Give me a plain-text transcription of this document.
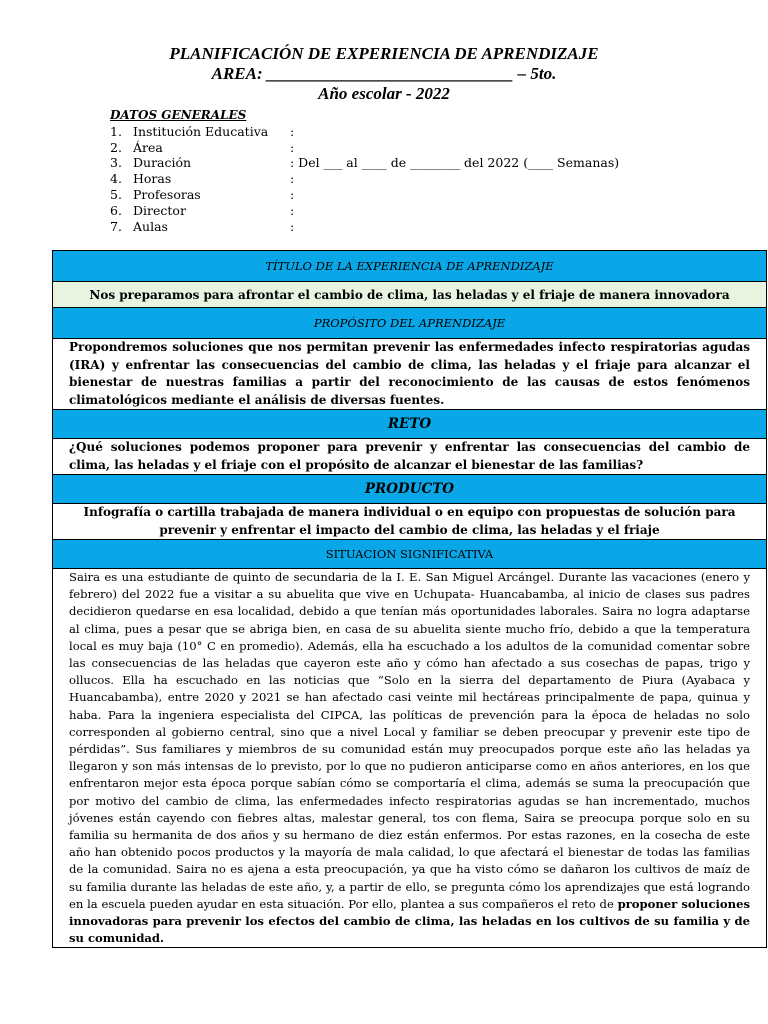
PLANIFICACIÓN DE EXPERIENCIA DE APRENDIZAJE
AREA: _____________________________ – 5to.
Año escolar - 2022
DATOS GENERALES
1. Institución Educativa	:
2. Área	:
3. Duración	: Del ___ al ____ de ________ del 2022 (____ Semanas)
4. Horas	:
5. Profesoras	:
6. Director	:
7. Aulas	:
TÍTULO DE LA EXPERIENCIA DE APRENDIZAJE
Nos preparamos para afrontar el cambio de clima, las heladas y el friaje de manera innovadora
PROPÓSITO DEL APRENDIZAJE
Propondremos soluciones que nos permitan prevenir las enfermedades infecto respiratorias agudas (IRA) y enfrentar las consecuencias del cambio de clima, las heladas y el friaje para alcanzar el bienestar de nuestras familias a partir del reconocimiento de las causas de estos fenómenos climatológicos mediante el análisis de diversas fuentes.
RETO
¿Qué soluciones podemos proponer para prevenir y enfrentar las consecuencias del cambio de clima, las heladas y el friaje con el propósito de alcanzar el bienestar de las familias?
PRODUCTO
Infografía o cartilla trabajada de manera individual o en equipo con propuestas de solución para prevenir y enfrentar el impacto del cambio de clima, las heladas y el friaje
SITUACION SIGNIFICATIVA
Saira es una estudiante de quinto de secundaria de la I. E. San Miguel Arcángel. Durante las vacaciones (enero y febrero) del 2022 fue a visitar a su abuelita que vive en Uchupata- Huancabamba, al inicio de clases sus padres decidieron quedarse en esa localidad, debido a que tenían más oportunidades laborales. Saira no logra adaptarse al clima, pues a pesar que se abriga bien, en casa de su abuelita siente mucho frío, debido a que la temperatura local es muy baja (10° C en promedio). Además, ella ha escuchado a los adultos de la comunidad comentar sobre las consecuencias de las heladas que cayeron este año y cómo han afectado a sus cosechas de papas, trigo y ollucos. Ella ha escuchado en las noticias que “Solo en la sierra del departamento de Piura (Ayabaca y Huancabamba), entre 2020 y 2021 se han afectado casi veinte mil hectáreas principalmente de papa, quinua y haba. Para la ingeniera especialista del CIPCA, las políticas de prevención para la época de heladas no solo corresponden al gobierno central, sino que a nivel Local y familiar se deben preocupar y prevenir este tipo de pérdidas”. Sus familiares y miembros de su comunidad están muy preocupados porque este año las heladas ya llegaron y son más intensas de lo previsto, por lo que no pudieron anticiparse como en años anteriores, en los que enfrentaron mejor esta época porque sabían cómo se comportaría el clima, además se suma la preocupación que por motivo del cambio de clima, las enfermedades infecto respiratorias agudas se han incrementado, muchos jóvenes están cayendo con fiebres altas, malestar general, tos con flema, Saira se preocupa porque solo en su familia su hermanita de dos años y su hermano de diez están enfermos. Por estas razones, en la cosecha de este año han obtenido pocos productos y la mayoría de mala calidad, lo que afectará el bienestar de todas las familias de la comunidad. Saira no es ajena a esta preocupación, ya que ha visto cómo se dañaron los cultivos de maíz de su familia durante las heladas de este año, y, a partir de ello, se pregunta cómo los aprendizajes que está logrando en la escuela pueden ayudar en esta situación. Por ello, plantea a sus compañeros el reto de proponer soluciones innovadoras para prevenir los efectos del cambio de clima, las heladas en los cultivos de su familia y de su comunidad.
